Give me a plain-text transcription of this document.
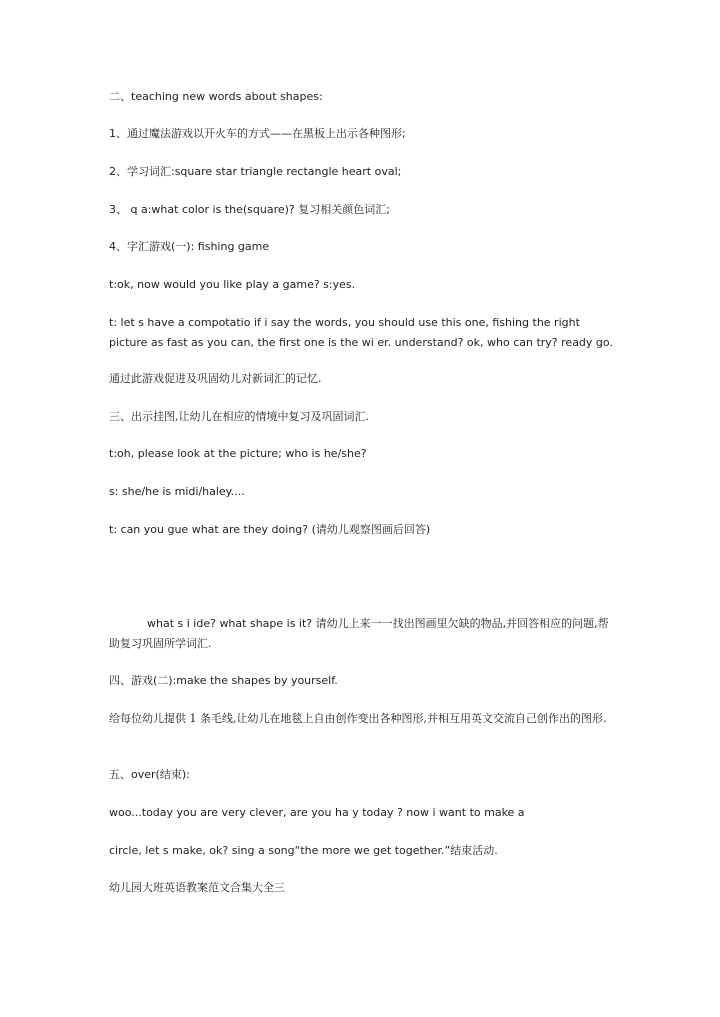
二、teaching new words about shapes:

1、通过魔法游戏以开火车的方式——在黑板上出示各种图形;

2、学习词汇:square star triangle rectangle heart oval;

3、 q a:what color is the(square)? 复习相关颜色词汇;

4、字汇游戏(一): fishing game

t:ok, now would you like play a game? s:yes.

t: let s have a compotatio if i say the words, you should use this one, fishing the right picture as fast as you can, the first one is the wi er. understand? ok, who can try? ready go.

通过此游戏促进及巩固幼儿对新词汇的记忆.

三、出示挂图,让幼儿在相应的情境中复习及巩固词汇.

t:oh, please look at the picture; who is he/she?

s: she/he is midi/haley....

t: can you gue what are they doing? (请幼儿观察图画后回答)

what s i ide? what shape is it? 请幼儿上来一一找出图画里欠缺的物品,并回答相应的问题,帮助复习巩固所学词汇.

四、游戏(二):make the shapes by yourself.

给每位幼儿提供 1 条毛线,让幼儿在地毯上自由创作变出各种图形,并相互用英文交流自己创作出的图形.

五、over(结束):

woo...today you are very clever, are you ha y today ? now i want to make a

circle, let s make, ok? sing a song“the more we get together.”结束活动.

幼儿园大班英语教案范文合集大全三
